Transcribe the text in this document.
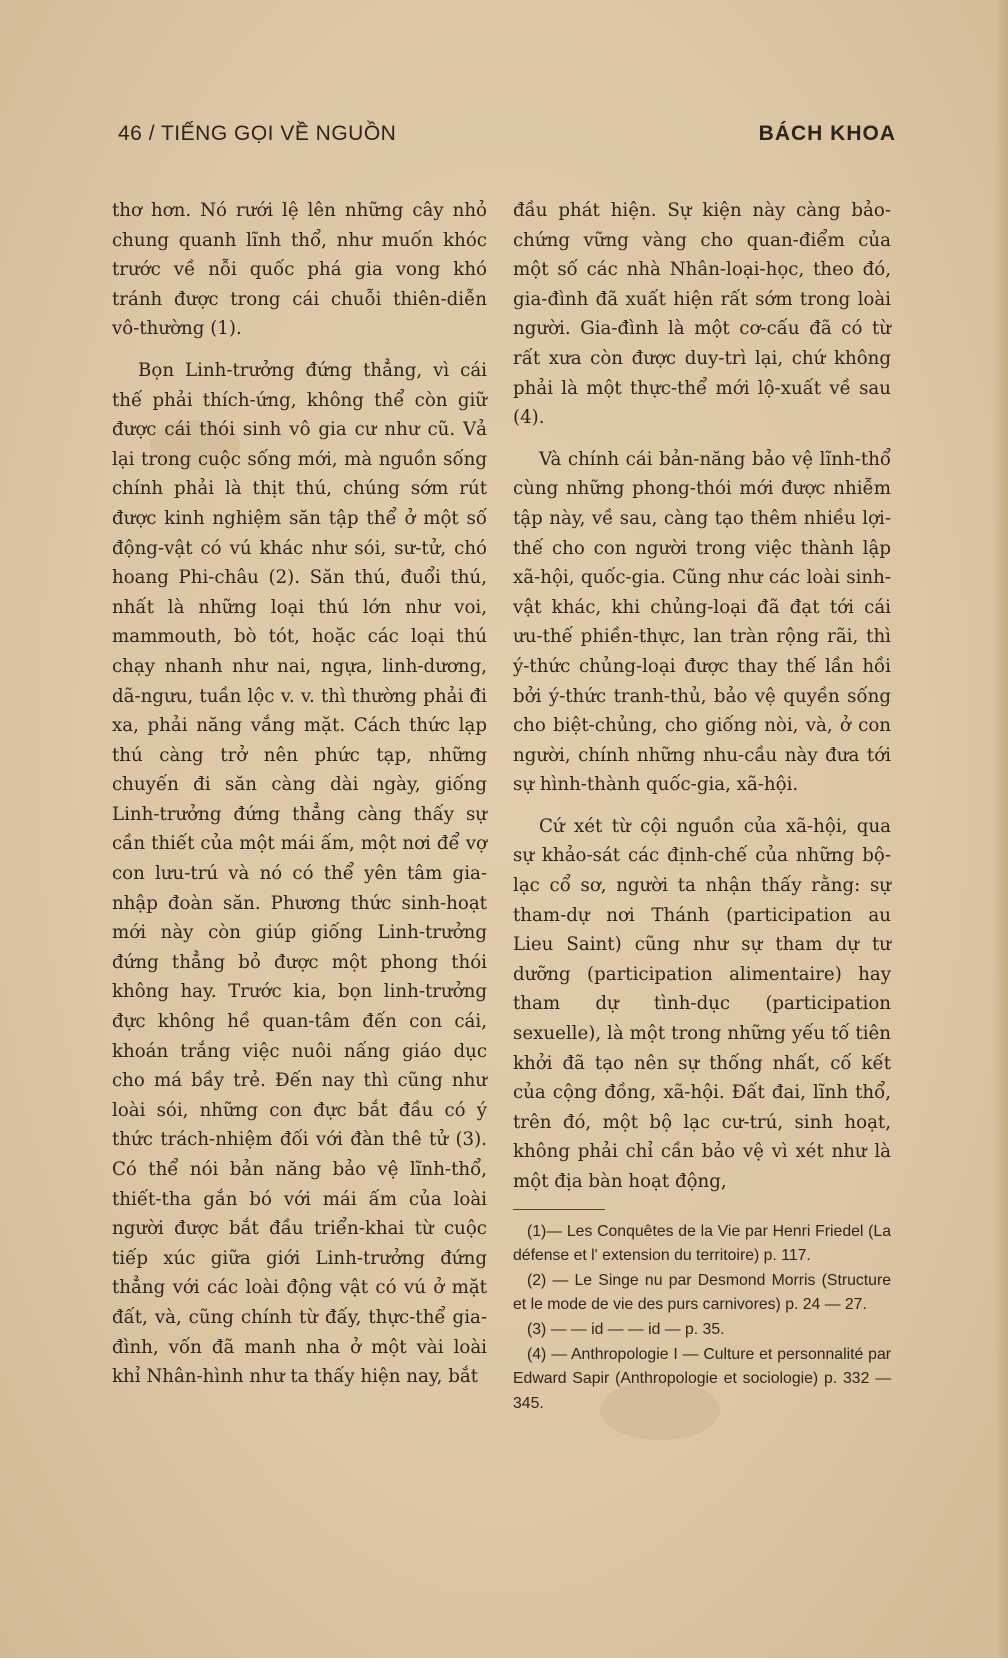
46 / TIẾNG GỌI VỀ NGUỒN	BÁCH KHOA

thơ hơn. Nó rưới lệ lên những cây nhỏ chung quanh lĩnh thổ, như muốn khóc trước về nỗi quốc phá gia vong khó tránh được trong cái chuỗi thiên-diễn vô-thường (1).

Bọn Linh-trưởng đứng thẳng, vì cái thế phải thích-ứng, không thể còn giữ được cái thói sinh vô gia cư như cũ. Vả lại trong cuộc sống mới, mà nguồn sống chính phải là thịt thú, chúng sớm rút được kinh nghiệm săn tập thể ở một số động-vật có vú khác như sói, sư-tử, chó hoang Phi-châu (2). Săn thú, đuổi thú, nhất là những loại thú lớn như voi, mammouth, bò tót, hoặc các loại thú chạy nhanh như nai, ngựa, linh-dương, dã-ngưu, tuần lộc v. v. thì thường phải đi xa, phải năng vắng mặt. Cách thức lạp thú càng trở nên phức tạp, những chuyến đi săn càng dài ngày, giống Linh-trưởng đứng thẳng càng thấy sự cần thiết của một mái ấm, một nơi để vợ con lưu-trú và nó có thể yên tâm gia-nhập đoàn săn. Phương thức sinh-hoạt mới này còn giúp giống Linh-trưởng đứng thẳng bỏ được một phong thói không hay. Trước kia, bọn linh-trưởng đực không hề quan-tâm đến con cái, khoán trắng việc nuôi nấng giáo dục cho má bầy trẻ. Đến nay thì cũng như loài sói, những con đực bắt đầu có ý thức trách-nhiệm đối với đàn thê tử (3). Có thể nói bản năng bảo vệ lĩnh-thổ, thiết-tha gắn bó với mái ấm của loài người được bắt đầu triển-khai từ cuộc tiếp xúc giữa giới Linh-trưởng đứng thẳng với các loài động vật có vú ở mặt đất, và, cũng chính từ đấy, thực-thể gia-đình, vốn đã manh nha ở một vài loài khỉ Nhân-hình như ta thấy hiện nay, bắt

đầu phát hiện. Sự kiện này càng bảo-chứng vững vàng cho quan-điểm của một số các nhà Nhân-loại-học, theo đó, gia-đình đã xuất hiện rất sớm trong loài người. Gia-đình là một cơ-cấu đã có từ rất xưa còn được duy-trì lại, chứ không phải là một thực-thể mới lộ-xuất về sau (4).

Và chính cái bản-năng bảo vệ lĩnh-thổ cùng những phong-thói mới được nhiễm tập này, về sau, càng tạo thêm nhiều lợi-thế cho con người trong việc thành lập xã-hội, quốc-gia. Cũng như các loài sinh-vật khác, khi chủng-loại đã đạt tới cái ưu-thế phiền-thực, lan tràn rộng rãi, thì ý-thức chủng-loại được thay thế lần hồi bởi ý-thức tranh-thủ, bảo vệ quyền sống cho biệt-chủng, cho giống nòi, và, ở con người, chính những nhu-cầu này đưa tới sự hình-thành quốc-gia, xã-hội.

Cứ xét từ cội nguồn của xã-hội, qua sự khảo-sát các định-chế của những bộ-lạc cổ sơ, người ta nhận thấy rằng: sự tham-dự nơi Thánh (participation au Lieu Saint) cũng như sự tham dự tư dưỡng (participation alimentaire) hay tham dự tình-dục (participation sexuelle), là một trong những yếu tố tiên khởi đã tạo nên sự thống nhất, cố kết của cộng đồng, xã-hội. Đất đai, lĩnh thổ, trên đó, một bộ lạc cư-trú, sinh hoạt, không phải chỉ cần bảo vệ vì xét như là một địa bàn hoạt động,

(1)— Les Conquêtes de la Vie par Henri Friedel (La défense et l' extension du territoire) p. 117.

(2) — Le Singe nu par Desmond Morris (Structure et le mode de vie des purs carnivores) p. 24 — 27.

(3) — — id — — id — p. 35.

(4) — Anthropologie I — Culture et personnalité par Edward Sapir (Anthropologie et sociologie) p. 332 — 345.
